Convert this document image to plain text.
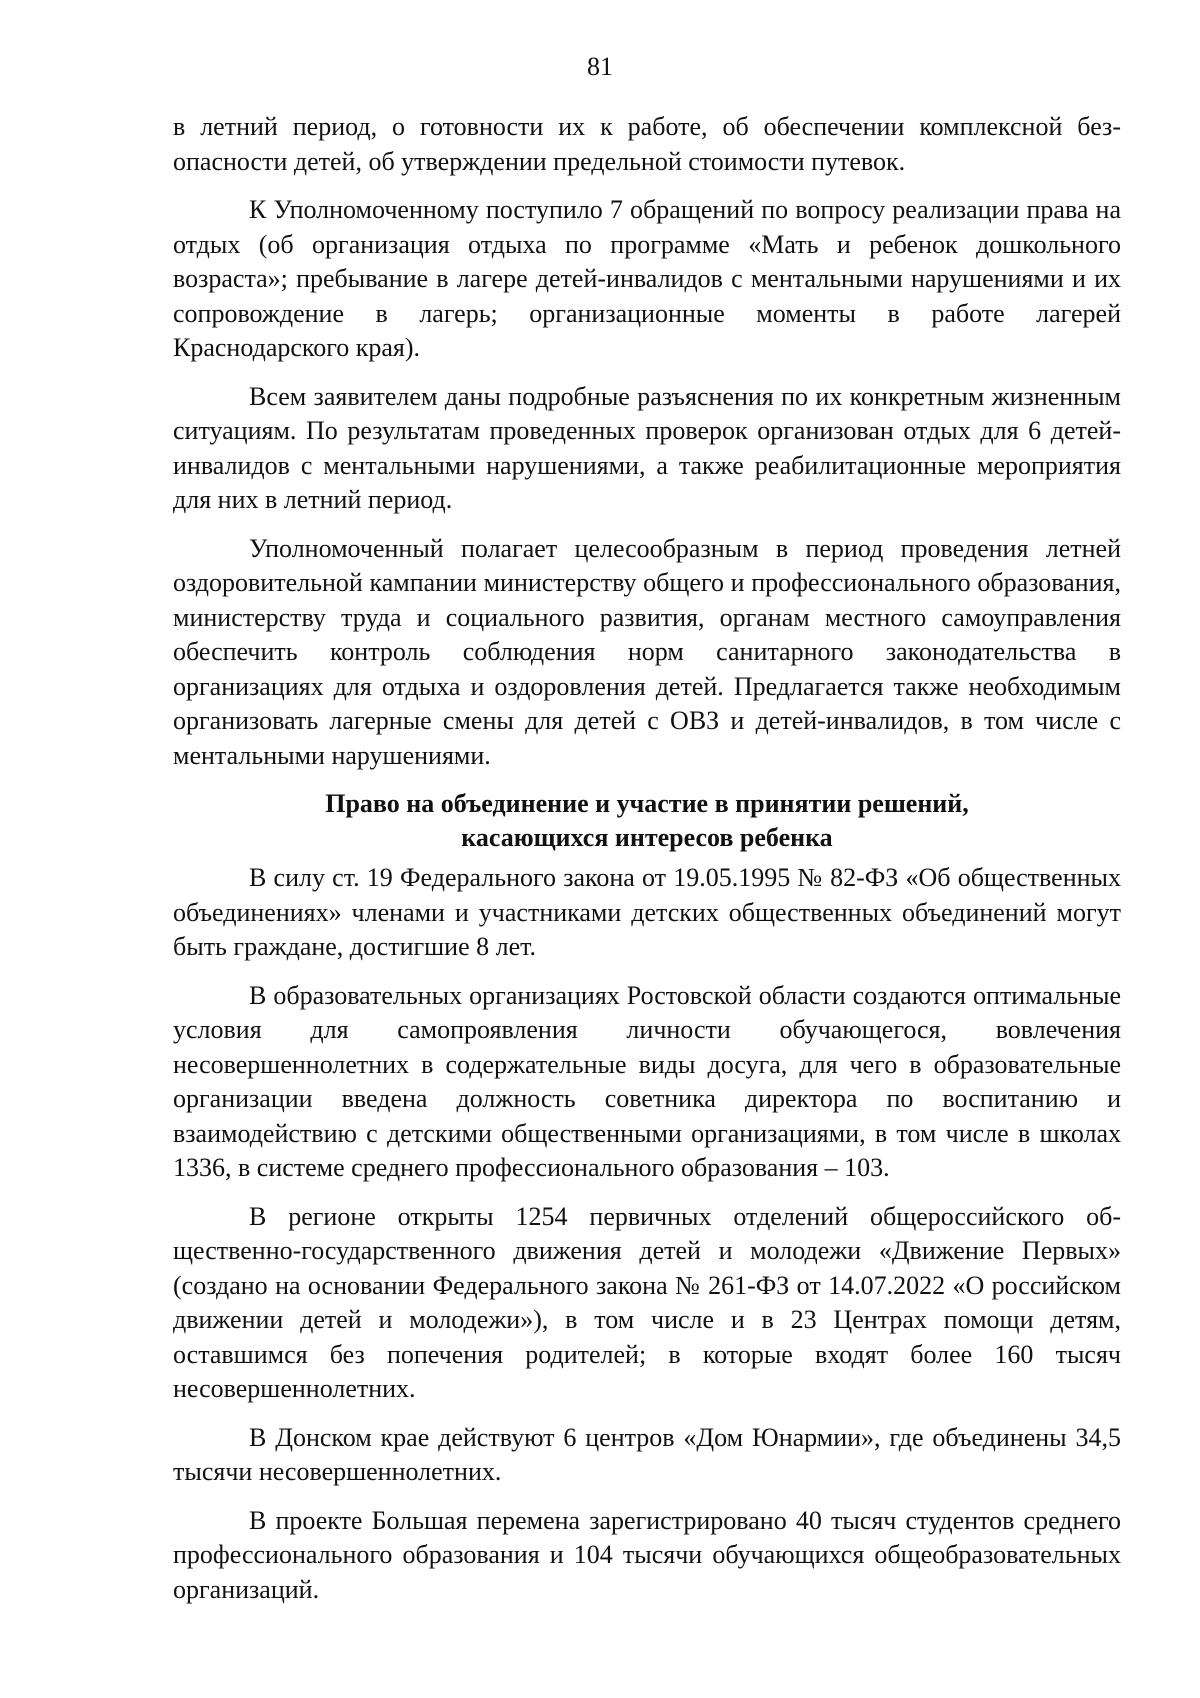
81

в летний период, о готовности их к работе, об обеспечении комплексной безопасности детей, об утверждении предельной стоимости путевок.

К Уполномоченному поступило 7 обращений по вопросу реализации права на отдых (об организация отдыха по программе «Мать и ребенок дошкольного возраста»; пребывание в лагере детей-инвалидов с ментальными нарушениями и их сопровождение в лагерь; организационные моменты в работе лагерей Краснодарского края).

Всем заявителем даны подробные разъяснения по их конкретным жизненным ситуациям. По результатам проведенных проверок организован отдых для 6 детей-инвалидов с ментальными нарушениями, а также реабилитационные мероприятия для них в летний период.

Уполномоченный полагает целесообразным в период проведения летней оздоровительной кампании министерству общего и профессионального образования, министерству труда и социального развития, органам местного самоуправления обеспечить контроль соблюдения норм санитарного законодательства в организациях для отдыха и оздоровления детей. Предлагается также необходимым организовать лагерные смены для детей с ОВЗ и детей-инвалидов, в том числе с ментальными нарушениями.

Право на объединение и участие в принятии решений,
касающихся интересов ребенка

В силу ст. 19 Федерального закона от 19.05.1995 № 82-ФЗ «Об общественных объединениях» членами и участниками детских общественных объединений могут быть граждане, достигшие 8 лет.

В образовательных организациях Ростовской области создаются оптимальные условия для самопроявления личности обучающегося, вовлечения несовершеннолетних в содержательные виды досуга, для чего в образовательные организации введена должность советника директора по воспитанию и взаимодействию с детскими общественными организациями, в том числе в школах 1336, в системе среднего профессионального образования – 103.

В регионе открыты 1254 первичных отделений общероссийского общественно-государственного движения детей и молодежи «Движение Первых» (создано на основании Федерального закона № 261-ФЗ от 14.07.2022 «О российском движении детей и молодежи»), в том числе и в 23 Центрах помощи детям, оставшимся без попечения родителей; в которые входят более 160 тысяч несовершеннолетних.

В Донском крае действуют 6 центров «Дом Юнармии», где объединены 34,5 тысячи несовершеннолетних.

В проекте Большая перемена зарегистрировано 40 тысяч студентов среднего профессионального образования и 104 тысячи обучающихся общеобразовательных организаций.
